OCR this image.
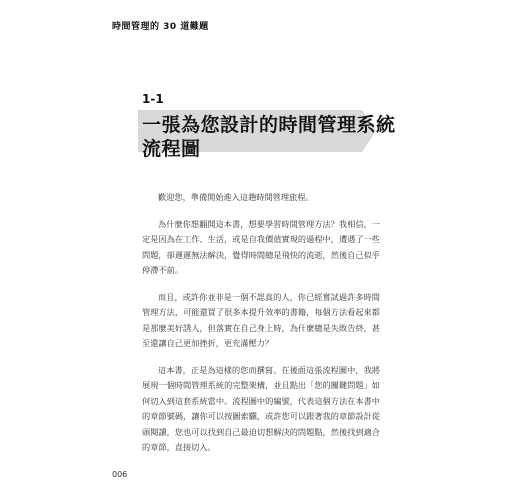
時間管理的 30 道難題
1-1
一張為您設計的時間管理系統
流程圖

歡迎您，準備開始進入這趟時間管理旅程。

為什麼你想翻開這本書，想要學習時間管理方法？我相信，一定是因為在工作、生活，或是自我價值實現的過程中，遭遇了一些問題，卻遲遲無法解決，覺得時間總是飛快的流逝，然後自己似乎停滯不前。

而且，或許你並非是一個不認真的人，你已經嘗試過許多時間管理方法，可能還買了很多本提升效率的書籍，每個方法看起來都是那麼美好誘人，但落實在自己身上時，為什麼總是失敗告終，甚至還讓自己更加挫折，更充滿壓力？

這本書，正是為這樣的您而撰寫。在後面這張流程圖中，我將展現一個時間管理系統的完整架構，並且點出「您的關鍵問題」如何切入到這套系統當中。流程圖中的編號，代表這個方法在本書中的章節號碼，讓你可以按圖索驥，或許您可以跟著我的章節設計從頭閱讀，您也可以找到自己最迫切想解決的問題點，然後找到適合的章節，直接切入。

006
